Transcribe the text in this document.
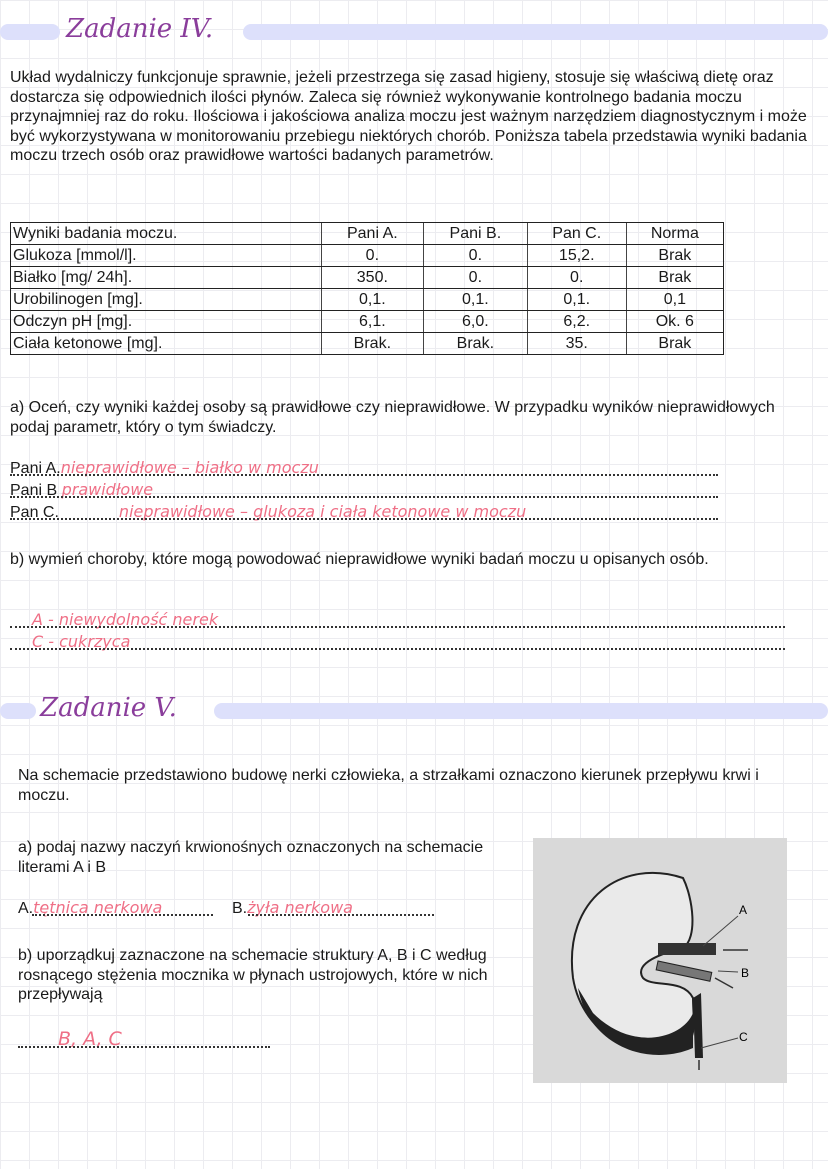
Zadanie IV.
Układ wydalniczy funkcjonuje sprawnie, jeżeli przestrzega się zasad higieny, stosuje się właściwą dietę oraz dostarcza się odpowiednich ilości płynów. Zaleca się również wykonywanie kontrolnego badania moczu przynajmniej raz do roku. Ilościowa i jakościowa analiza moczu jest ważnym narzędziem diagnostycznym i może być wykorzystywana w monitorowaniu przebiegu niektórych chorób. Poniższa tabela przedstawia wyniki badania moczu trzech osób oraz prawidłowe wartości badanych parametrów.
Wyniki badania moczu.	Pani A.	Pani B.	Pan C.	Norma
Glukoza [mmol/l].	0.	0.	15,2.	Brak
Białko [mg/ 24h].	350.	0.	0.	Brak
Urobilinogen [mg].	0,1.	0,1.	0,1.	0,1
Odczyn pH [mg].	6,1.	6,0.	6,2.	Ok. 6
Ciała ketonowe [mg].	Brak.	Brak.	35.	Brak
a) Oceń, czy wyniki każdej osoby są prawidłowe czy nieprawidłowe. W przypadku wyników nieprawidłowych podaj parametr, który o tym świadczy.
Pani A.nieprawidłowe – białko w moczu
Pani B prawidłowe
Pan C.	nieprawidłowe – glukoza i ciała ketonowe w moczu
b) wymień choroby, które mogą powodować nieprawidłowe wyniki badań moczu u opisanych osób.
A - niewydolność nerek
C - cukrzyca
Zadanie V.
Na schemacie przedstawiono budowę nerki człowieka, a strzałkami oznaczono kierunek przepływu krwi i moczu.
a) podaj nazwy naczyń krwionośnych oznaczonych na schemacie literami A i B
A.tętnica nerkowa	B.żyła nerkowa
b) uporządkuj zaznaczone na schemacie struktury A, B i C według rosnącego stężenia mocznika w płynach ustrojowych, które w nich przepływają
B, A, C
A
B
C
